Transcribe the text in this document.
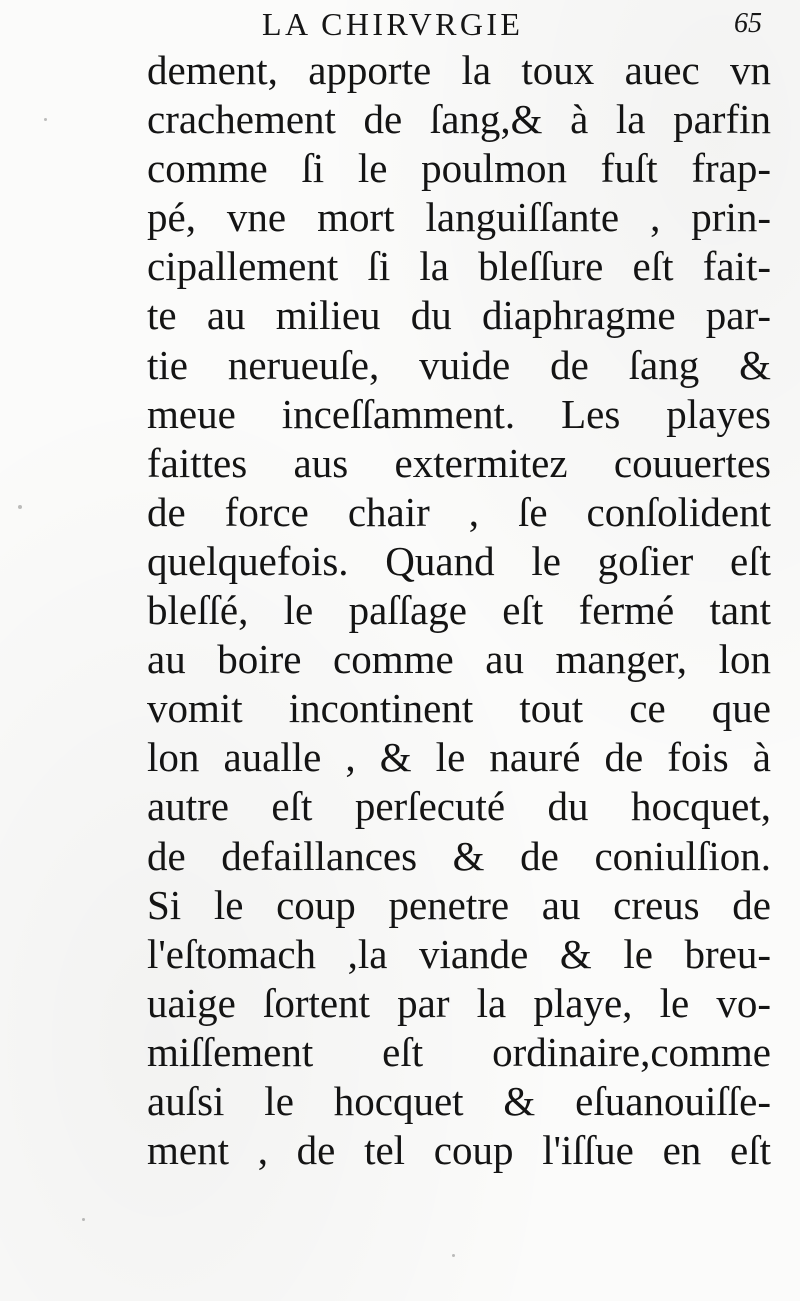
LA CHIRVRGIE	65
dement, apporte la toux auec vn
crachement de ſang,& à la parfin
comme ſi le poulmon fuſt frap-
pé, vne mort languiſſante , prin-
cipallement ſi la bleſſure eſt fait-
te au milieu du diaphragme par-
tie nerueuſe, vuide de ſang &
meue inceſſamment. Les playes
faittes aus extermitez couuertes
de force chair , ſe conſolident
quelquefois. Quand le goſier eſt
bleſſé, le paſſage eſt fermé tant
au boire comme au manger, lon
vomit incontinent tout ce que
lon aualle , & le nauré de fois à
autre eſt perſecuté du hocquet,
de defaillances & de coniulſion.
Si le coup penetre au creus de
l'eſtomach ,la viande & le breu-
uaige ſortent par la playe, le vo-
miſſement eſt ordinaire,comme
auſsi le hocquet & eſuanouiſſe-
ment , de tel coup l'iſſue en eſt
